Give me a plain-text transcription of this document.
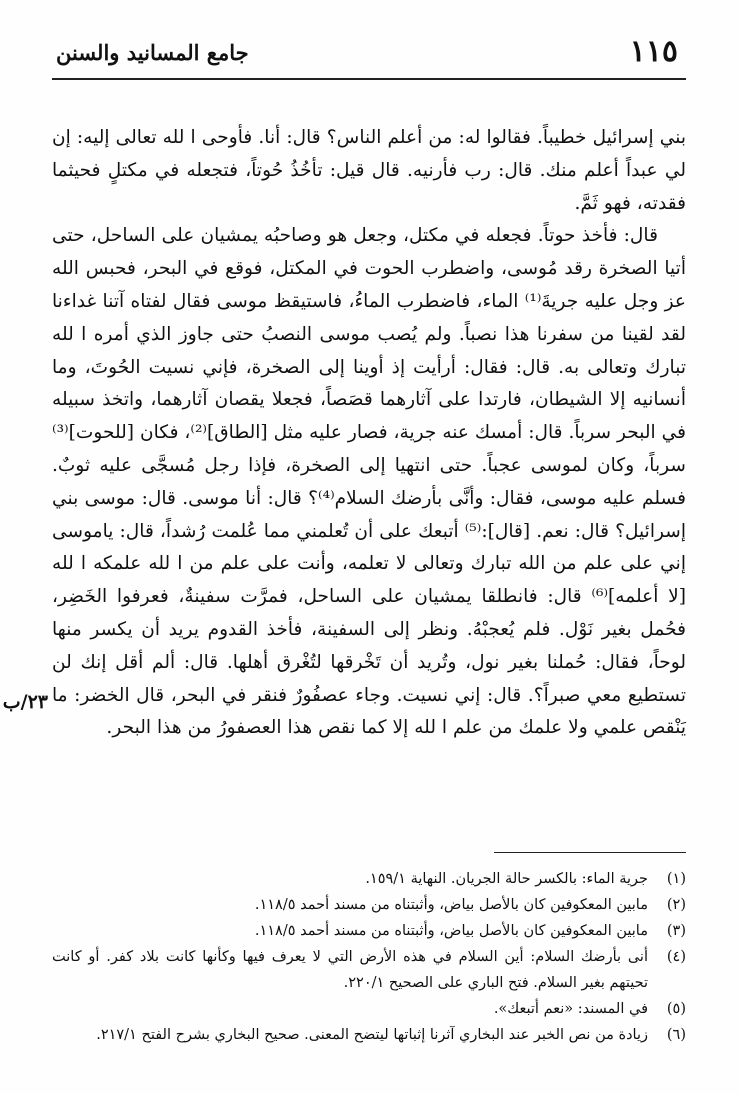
١١٥
جامع المسانيد والسنن

بني إسرائيل خطيباً. فقالوا له: من أعلم الناس؟ قال: أنا. فأوحى ا لله تعالى إليه: إن لي عبداً أعلم منك. قال: رب فأرنيه. قال قيل: تأخُذُ حُوتاً، فتجعله في مكتلٍ فحيثما فقدته، فهو ثَمَّ.

قال: فأخذ حوتاً. فجعله في مكتل، وجعل هو وصاحبُه يمشيان على الساحل، حتى أتيا الصخرة رقد مُوسى، واضطرب الحوت في المكتل، فوقع في البحر، فحبس الله عز وجل عليه جريةَ⁽¹⁾ الماء، فاضطرب الماءُ، فاستيقظ موسى فقال لفتاه آتنا غداءنا لقد لقينا من سفرنا هذا نصباً. ولم يُصب موسى النصبُ حتى جاوز الذي أمره ا لله تبارك وتعالى به. قال: فقال: أرأيت إذ أوينا إلى الصخرة، فإني نسيت الحُوتَ، وما أنسانيه إلا الشيطان، فارتدا على آثارهما قصَصاً، فجعلا يقصان آثارهما، واتخذ سبيله في البحر سرباً. قال: أمسك عنه جرية، فصار عليه مثل [الطاق]⁽²⁾، فكان [للحوت]⁽³⁾ سرباً، وكان لموسى عجباً. حتى انتهيا إلى الصخرة، فإذا رجل مُسجَّى عليه ثوبٌ. فسلم عليه موسى، فقال: وأنَّى بأرضك السلام⁽⁴⁾؟ قال: أنا موسى. قال: موسى بني إسرائيل؟ قال: نعم. [قال]:⁽⁵⁾ أتبعك على أن تُعلمني مما عُلمت رُشداً، قال: ياموسى إني على علم من الله تبارك وتعالى لا تعلمه، وأنت على علم من ا لله علمكه ا لله [لا أعلمه]⁽⁶⁾ قال: فانطلقا يمشيان على الساحل، فمرَّت سفينةٌ، فعرفوا الخَضِر، فحُمل بغير نَوْل. فلم يُعجبْهُ. ونظر إلى السفينة، فأخذ القدوم يريد أن يكسر منها لوحاً، فقال: حُملنا بغير نول، وتُريد أن تَخْرقها لتُغْرق أهلها. قال: ألم أقل إنك لن تستطيع معي صبراً؟. قال: إني نسيت. وجاء عصفُورٌ فنقر في البحر، قال الخضر: ما يَنْقص علمي ولا علمك من علم ا لله إلا كما نقص هذا العصفورُ من هذا البحر.

٢٣/ب
(١)
جرية الماء: بالكسر حالة الجريان. النهاية ١٥٩/١.
(٢)
مابين المعكوفين كان بالأصل بياض، وأثبتناه من مسند أحمد ١١٨/٥.
(٣)
مابين المعكوفين كان بالأصل بياض، وأثبتناه من مسند أحمد ١١٨/٥.
(٤)
أنى بأرضك السلام: أين السلام في هذه الأرض التي لا يعرف فيها وكأنها كانت بلاد كفر. أو كانت تحيتهم بغير السلام. فتح الباري على الصحيح ٢٢٠/١.
(٥)
في المسند: «نعم أتبعك».
(٦)
زيادة من نص الخبر عند البخاري آثرنا إثباتها ليتضح المعنى. صحيح البخاري بشرح الفتح ٢١٧/١.
